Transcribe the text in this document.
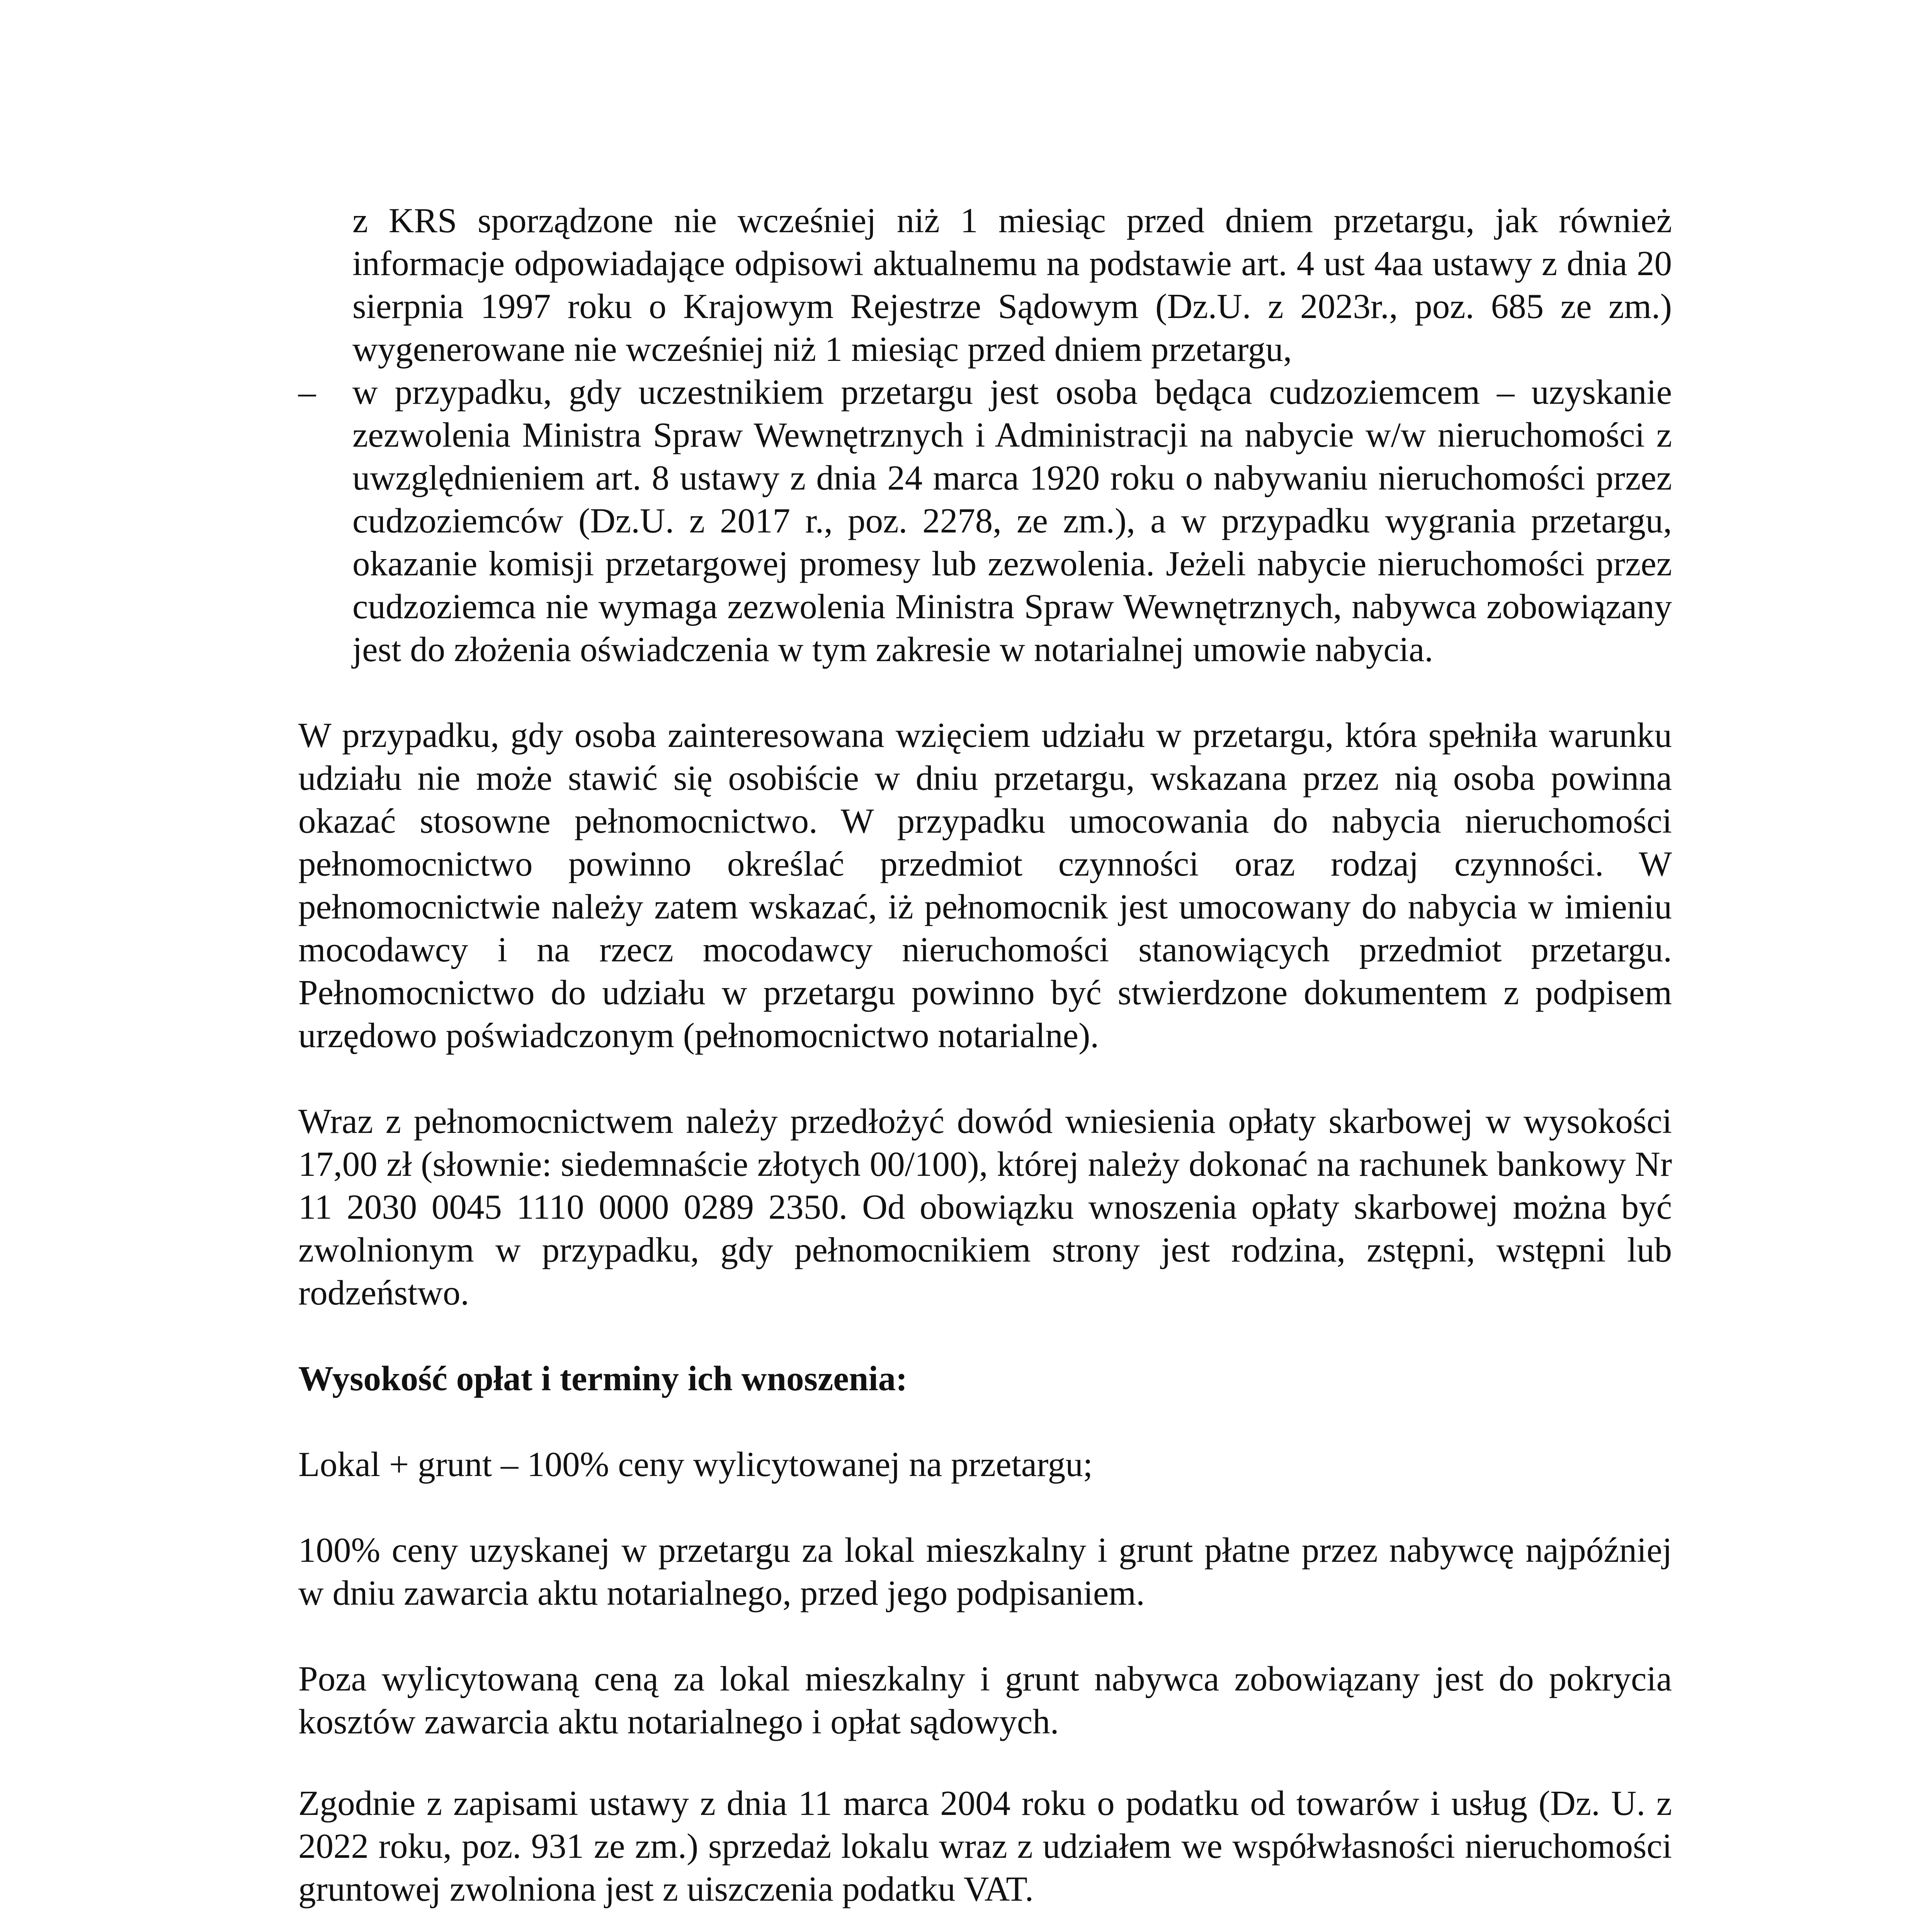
z KRS sporządzone nie wcześniej niż 1 miesiąc przed dniem przetargu, jak również informacje odpowiadające odpisowi aktualnemu na podstawie art. 4 ust 4aa ustawy z dnia 20 sierpnia 1997 roku o Krajowym Rejestrze Sądowym (Dz.U. z 2023r., poz. 685 ze zm.) wygenerowane nie wcześniej niż 1 miesiąc przed dniem przetargu,

– w przypadku, gdy uczestnikiem przetargu jest osoba będąca cudzoziemcem – uzyskanie zezwolenia Ministra Spraw Wewnętrznych i Administracji na nabycie w/w nieruchomości z uwzględnieniem art. 8 ustawy z dnia 24 marca 1920 roku o nabywaniu nieruchomości przez cudzoziemców (Dz.U. z 2017 r., poz. 2278, ze zm.), a w przypadku wygrania przetargu, okazanie komisji przetargowej promesy lub zezwolenia. Jeżeli nabycie nieruchomości przez cudzoziemca nie wymaga zezwolenia Ministra Spraw Wewnętrznych, nabywca zobowiązany jest do złożenia oświadczenia w tym zakresie w notarialnej umowie nabycia.

W przypadku, gdy osoba zainteresowana wzięciem udziału w przetargu, która spełniła warunku udziału nie może stawić się osobiście w dniu przetargu, wskazana przez nią osoba powinna okazać stosowne pełnomocnictwo. W przypadku umocowania do nabycia nieruchomości pełnomocnictwo powinno określać przedmiot czynności oraz rodzaj czynności. W pełnomocnictwie należy zatem wskazać, iż pełnomocnik jest umocowany do nabycia w imieniu mocodawcy i na rzecz mocodawcy nieruchomości stanowiących przedmiot przetargu. Pełnomocnictwo do udziału w przetargu powinno być stwierdzone dokumentem z podpisem urzędowo poświadczonym (pełnomocnictwo notarialne).

Wraz z pełnomocnictwem należy przedłożyć dowód wniesienia opłaty skarbowej w wysokości 17,00 zł (słownie: siedemnaście złotych 00/100), której należy dokonać na rachunek bankowy Nr 11 2030 0045 1110 0000 0289 2350. Od obowiązku wnoszenia opłaty skarbowej można być zwolnionym w przypadku, gdy pełnomocnikiem strony jest rodzina, zstępni, wstępni lub rodzeństwo.

Wysokość opłat i terminy ich wnoszenia:

Lokal + grunt – 100% ceny wylicytowanej na przetargu;

100% ceny uzyskanej w przetargu za lokal mieszkalny i grunt płatne przez nabywcę najpóźniej w dniu zawarcia aktu notarialnego, przed jego podpisaniem.

Poza wylicytowaną ceną za lokal mieszkalny i grunt nabywca zobowiązany jest do pokrycia kosztów zawarcia aktu notarialnego i opłat sądowych.

Zgodnie z zapisami ustawy z dnia 11 marca 2004 roku o podatku od towarów i usług (Dz. U. z 2022 roku, poz. 931 ze zm.) sprzedaż lokalu wraz z udziałem we współwłasności nieruchomości gruntowej zwolniona jest z uiszczenia podatku VAT.
